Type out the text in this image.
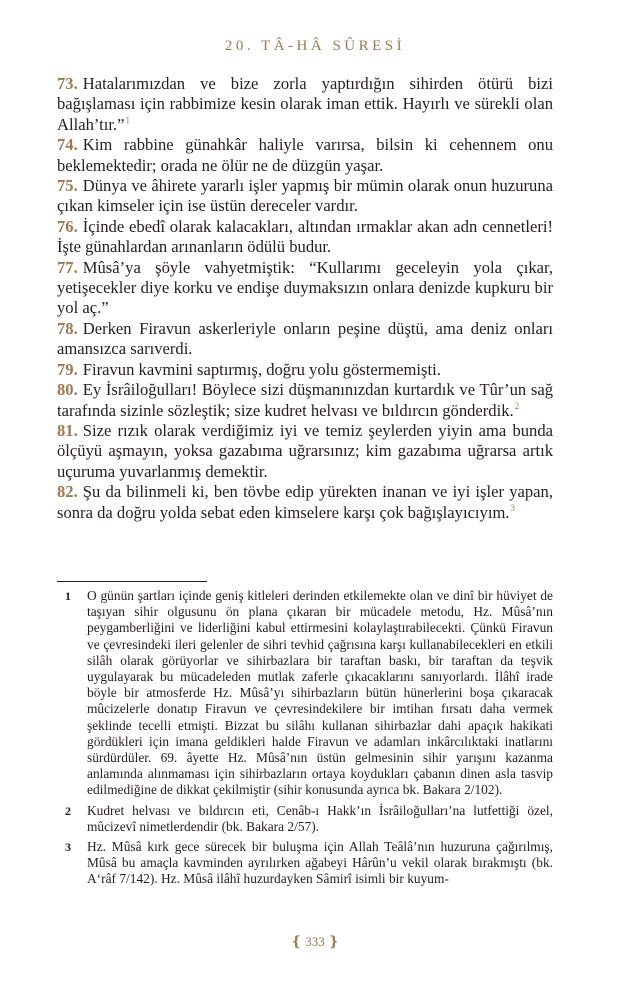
20. TÂ-HÂ SÛRESİ

73. Hatalarımızdan ve bize zorla yaptırdığın sihirden ötürü bizi bağışlaması için rabbimize kesin olarak iman ettik. Hayırlı ve sürekli olan Allah’tır.”$^1$

74. Kim rabbine günahkâr haliyle varırsa, bilsin ki cehennem onu beklemektedir; orada ne ölür ne de düzgün yaşar.

75. Dünya ve âhirete yararlı işler yapmış bir mümin olarak onun huzuruna çıkan kimseler için ise üstün dereceler vardır.

76. İçinde ebedî olarak kalacakları, altından ırmaklar akan adn cennetleri! İşte günahlardan arınanların ödülü budur.

77. Mûsâ’ya şöyle vahyetmiştik: “Kullarımı geceleyin yola çıkar, yetişecekler diye korku ve endişe duymaksızın onlara denizde kupkuru bir yol aç.”

78. Derken Firavun askerleriyle onların peşine düştü, ama deniz onları amansızca sarıverdi.

79. Firavun kavmini saptırmış, doğru yolu göstermemişti.

80. Ey İsrâiloğulları! Böylece sizi düşmanınızdan kurtardık ve Tûr’un sağ tarafında sizinle sözleştik; size kudret helvası ve bıldırcın gönderdik.$^2$

81. Size rızık olarak verdiğimiz iyi ve temiz şeylerden yiyin ama bunda ölçüyü aşmayın, yoksa gazabıma uğrarsınız; kim gazabıma uğrarsa artık uçuruma yuvarlanmış demektir.

82. Şu da bilinmeli ki, ben tövbe edip yürekten inanan ve iyi işler yapan, sonra da doğru yolda sebat eden kimselere karşı çok bağışlayıcıyım.$^3$

1	O günün şartları içinde geniş kitleleri derinden etkilemekte olan ve dinî bir hüviyet de taşıyan sihir olgusunu ön plana çıkaran bir mücadele metodu, Hz. Mûsâ’nın peygamberliğini ve liderliğini kabul ettirmesini kolaylaştırabilecekti. Çünkü Firavun ve çevresindeki ileri gelenler de sihri tevhid çağrısına karşı kullanabilecekleri en etkili silâh olarak görüyorlar ve sihirbazlara bir taraftan baskı, bir taraftan da teşvik uygulayarak bu mücadeleden mutlak zaferle çıkacaklarını sanıyorlardı. İlâhî irade böyle bir atmosferde Hz. Mûsâ’yı sihirbazların bütün hünerlerini boşa çıkaracak mûcizelerle donatıp Firavun ve çevresindekilere bir imtihan fırsatı daha vermek şeklinde tecelli etmişti. Bizzat bu silâhı kullanan sihirbazlar dahi apaçık hakikati gördükleri için imana geldikleri halde Firavun ve adamları inkârcılıktaki inatlarını sürdürdüler. 69. âyette Hz. Mûsâ’nın üstün gelmesinin sihir yarışını kazanma anlamında alınmaması için sihirbazların ortaya koydukları çabanın dinen asla tasvip edilmediğine de dikkat çekilmiştir (sihir konusunda ayrıca bk. Bakara 2/102).
2	Kudret helvası ve bıldırcın eti, Cenâb-ı Hakk’ın İsrâiloğulları’na lutfettiği özel, mûcizevî nimetlerdendir (bk. Bakara 2/57).
3	Hz. Mûsâ kırk gece sürecek bir buluşma için Allah Teâlâ’nın huzuruna çağırılmış, Mûsâ bu amaçla kavminden ayrılırken ağabeyi Hârûn’u vekil olarak bırakmıştı (bk. A‘râf 7/142). Hz. Mûsâ ilâhî huzurdayken Sâmirî isimli bir kuyum-
❴ 333 ❵
